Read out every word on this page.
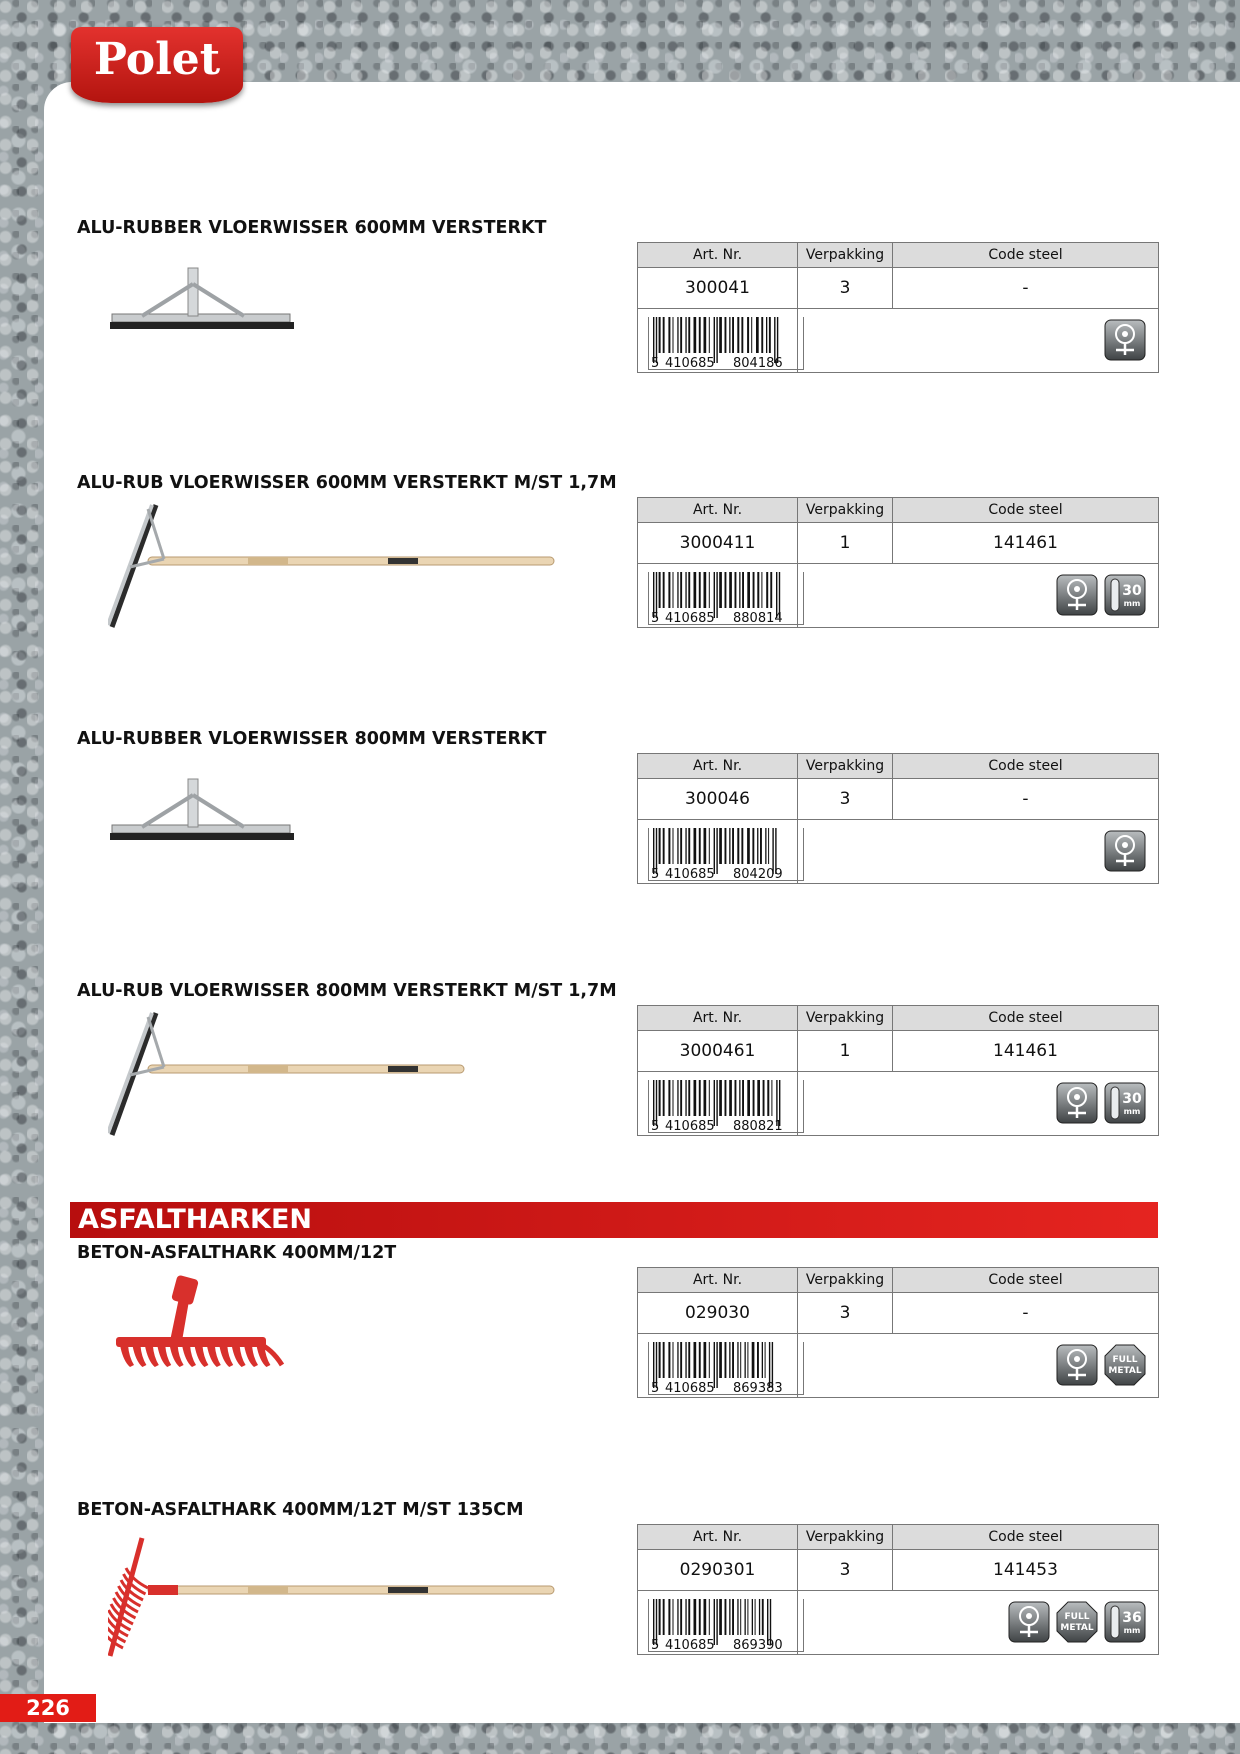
Polet
226
ASFALTHARKEN
ALU-RUBBER VLOERWISSER 600MM VERSTERKT
Art. Nr.	Verpakking	Code steel
300041	3	-

5 410685 804186

ALU-RUB VLOERWISSER 600MM VERSTERKT M/ST 1,7M
Art. Nr.	Verpakking	Code steel
3000411	1	141461

5 410685 880814	30
mm	
ALU-RUBBER VLOERWISSER 800MM VERSTERKT
Art. Nr.	Verpakking	Code steel
300046	3	-

5 410685 804209

ALU-RUB VLOERWISSER 800MM VERSTERKT M/ST 1,7M
Art. Nr.	Verpakking	Code steel
3000461	1	141461

5 410685 880821	30
mm	
BETON-ASFALTHARK 400MM/12T
Art. Nr.	Verpakking	Code steel
029030	3	-

5 410685 869383	FULL
METAL	
BETON-ASFALTHARK 400MM/12T M/ST 135CM
Art. Nr.	Verpakking	Code steel
0290301	3	141453

5 410685 869390	FULL
METAL
36
mm	
